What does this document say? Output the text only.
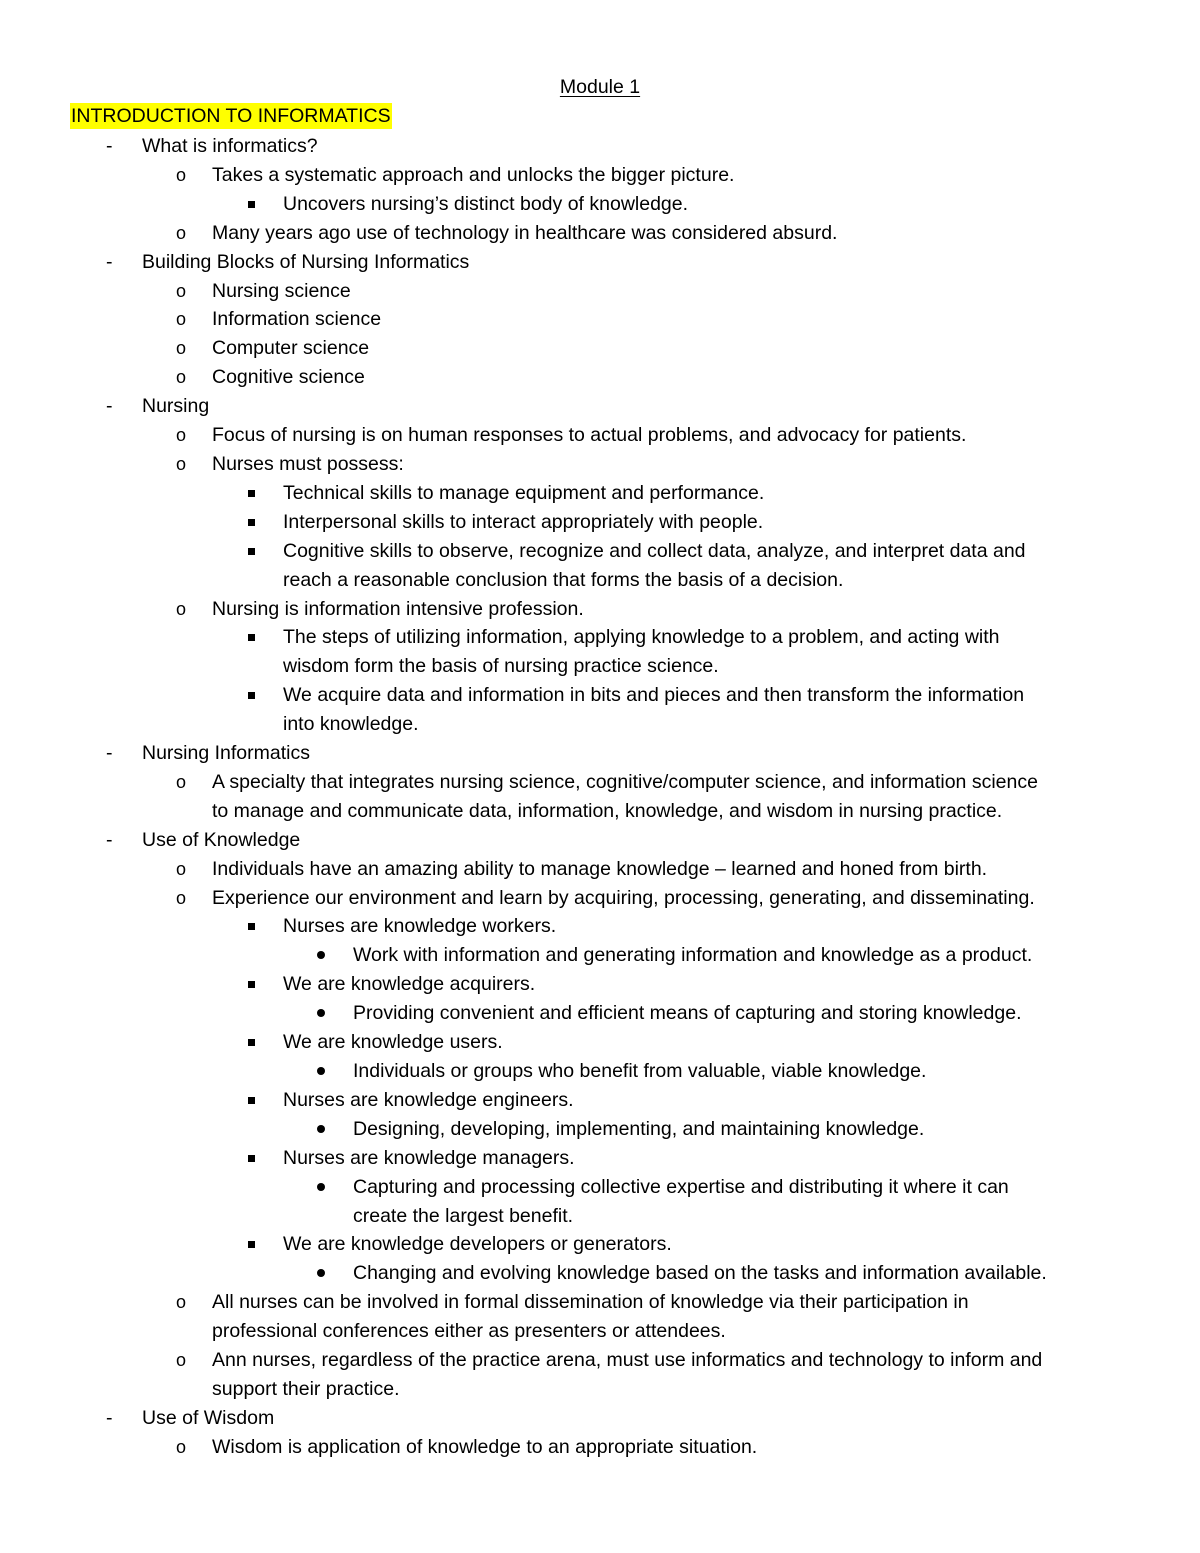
Module 1
INTRODUCTION TO INFORMATICS
- What is informatics?
o Takes a systematic approach and unlocks the bigger picture.
Uncovers nursing’s distinct body of knowledge.
o Many years ago use of technology in healthcare was considered absurd.
- Building Blocks of Nursing Informatics
o Nursing science
o Information science
o Computer science
o Cognitive science
- Nursing
o Focus of nursing is on human responses to actual problems, and advocacy for patients.
o Nurses must possess:
Technical skills to manage equipment and performance.
Interpersonal skills to interact appropriately with people.
Cognitive skills to observe, recognize and collect data, analyze, and interpret data and
reach a reasonable conclusion that forms the basis of a decision.
o Nursing is information intensive profession.
The steps of utilizing information, applying knowledge to a problem, and acting with
wisdom form the basis of nursing practice science.
We acquire data and information in bits and pieces and then transform the information
into knowledge.
- Nursing Informatics
o A specialty that integrates nursing science, cognitive/computer science, and information science
to manage and communicate data, information, knowledge, and wisdom in nursing practice.
- Use of Knowledge
o Individuals have an amazing ability to manage knowledge – learned and honed from birth.
o Experience our environment and learn by acquiring, processing, generating, and disseminating.
Nurses are knowledge workers.
Work with information and generating information and knowledge as a product.
We are knowledge acquirers.
Providing convenient and efficient means of capturing and storing knowledge.
We are knowledge users.
Individuals or groups who benefit from valuable, viable knowledge.
Nurses are knowledge engineers.
Designing, developing, implementing, and maintaining knowledge.
Nurses are knowledge managers.
Capturing and processing collective expertise and distributing it where it can
create the largest benefit.
We are knowledge developers or generators.
Changing and evolving knowledge based on the tasks and information available.
o All nurses can be involved in formal dissemination of knowledge via their participation in
professional conferences either as presenters or attendees.
o Ann nurses, regardless of the practice arena, must use informatics and technology to inform and
support their practice.
- Use of Wisdom
o Wisdom is application of knowledge to an appropriate situation.
